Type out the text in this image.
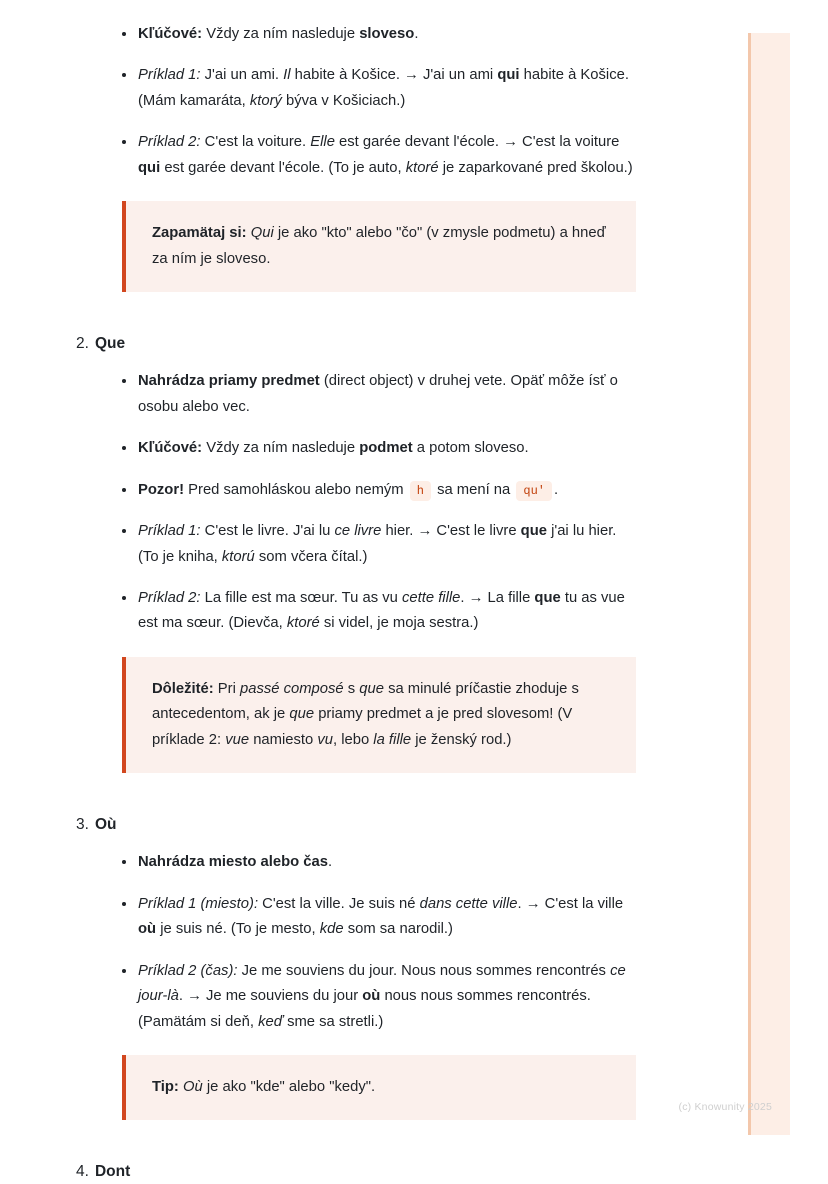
Kľúčové: Vždy za ním nasleduje sloveso.
Príklad 1: J'ai un ami. Il habite à Košice. → J'ai un ami qui habite à Košice. (Mám kamaráta, ktorý býva v Košiciach.)
Príklad 2: C'est la voiture. Elle est garée devant l'école. → C'est la voiture qui est garée devant l'école. (To je auto, ktoré je zaparkované pred školou.)

Zapamätaj si: Qui je ako "kto" alebo "čo" (v zmysle podmetu) a hneď za ním je sloveso.

2. Que
Nahrádza priamy predmet (direct object) v druhej vete. Opäť môže ísť o osobu alebo vec.
Kľúčové: Vždy za ním nasleduje podmet a potom sloveso.
Pozor! Pred samohláskou alebo nemým h sa mení na qu' .
Príklad 1: C'est le livre. J'ai lu ce livre hier. → C'est le livre que j'ai lu hier. (To je kniha, ktorú som včera čítal.)
Príklad 2: La fille est ma sœur. Tu as vu cette fille. → La fille que tu as vue est ma sœur. (Dievča, ktoré si videl, je moja sestra.)

Dôležité: Pri passé composé s que sa minulé príčastie zhoduje s antecedentom, ak je que priamy predmet a je pred slovesom! (V príklade 2: vue namiesto vu, lebo la fille je ženský rod.)

3. Où
Nahrádza miesto alebo čas.
Príklad 1 (miesto): C'est la ville. Je suis né dans cette ville. → C'est la ville où je suis né. (To je mesto, kde som sa narodil.)
Príklad 2 (čas): Je me souviens du jour. Nous nous sommes rencontrés ce jour-là. → Je me souviens du jour où nous nous sommes rencontrés. (Pamätám si deň, keď sme sa stretli.)

Tip: Où je ako "kde" alebo "kedy".

4. Dont
(c) Knowunity 2025
